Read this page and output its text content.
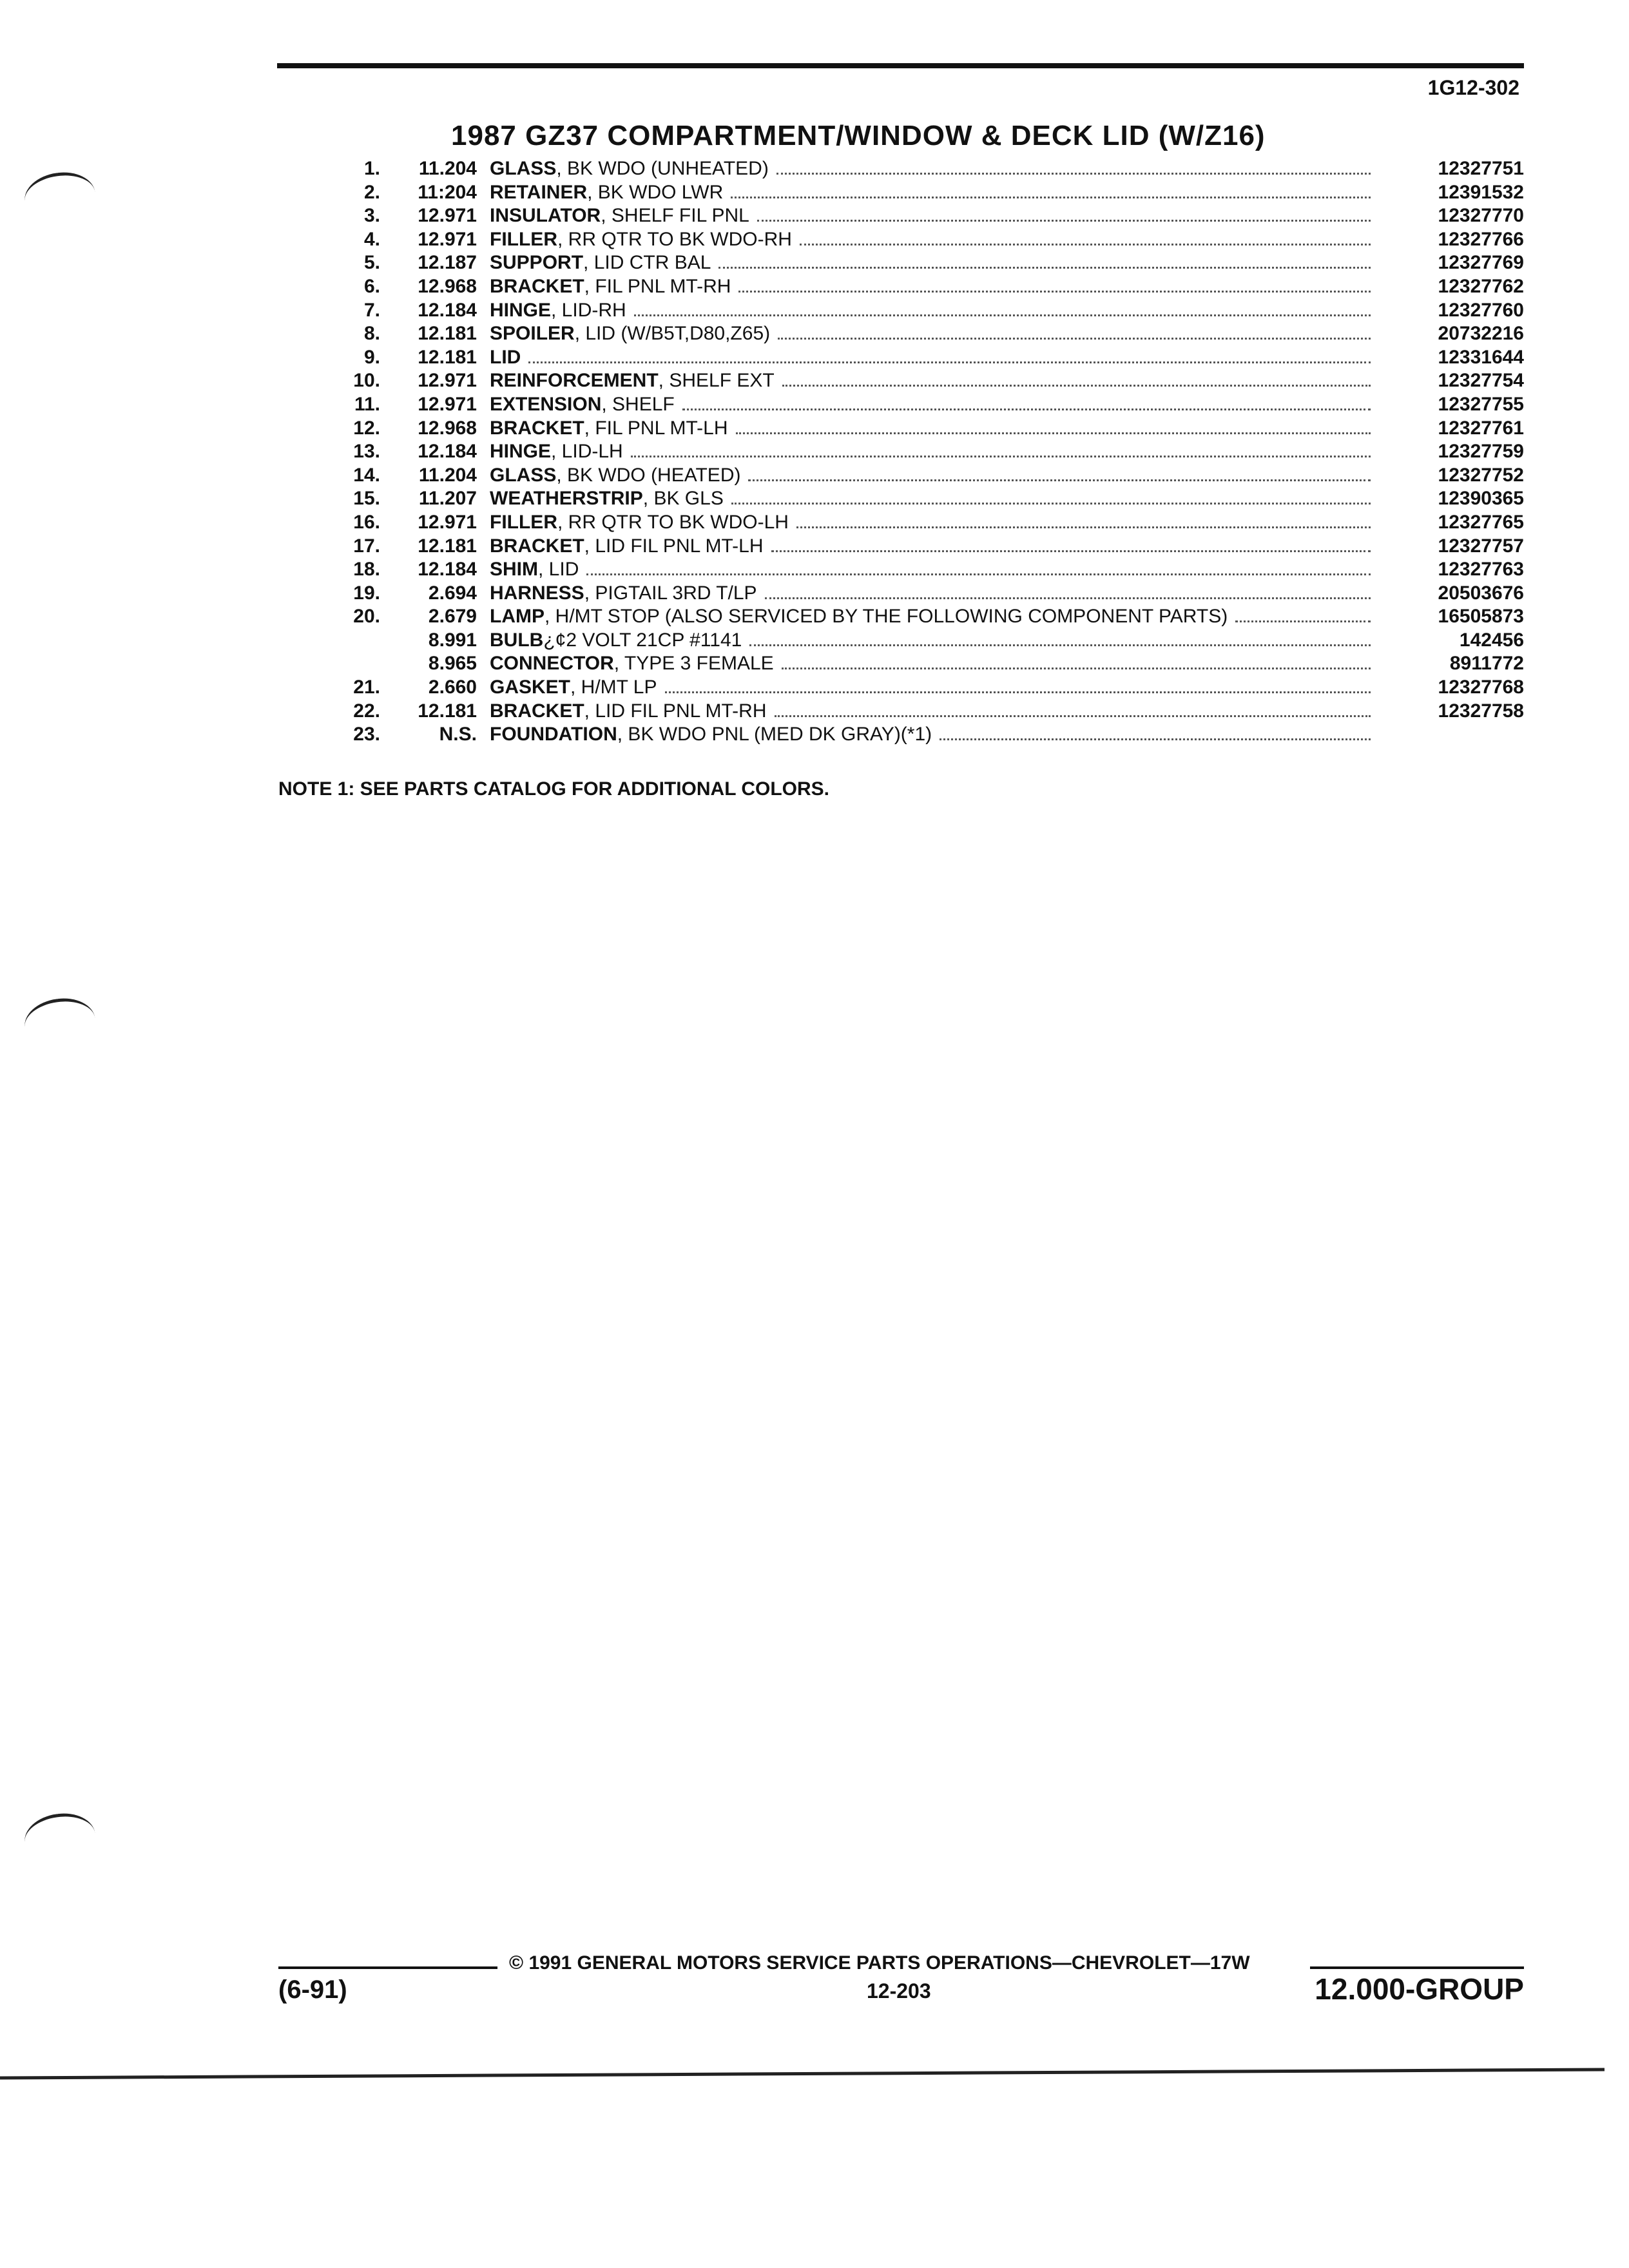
1G12-302
1987 GZ37 COMPARTMENT/WINDOW & DECK LID (W/Z16)
1.	11.204 GLASS , BK WDO (UNHEATED)	12327751
2.	11:204 RETAINER , BK WDO LWR	12391532
3.	12.971 INSULATOR , SHELF FIL PNL	12327770
4.	12.971 FILLER , RR QTR TO BK WDO-RH	12327766
5.	12.187 SUPPORT , LID CTR BAL	12327769
6.	12.968 BRACKET , FIL PNL MT-RH	12327762
7.	12.184 HINGE , LID-RH	12327760
8.	12.181 SPOILER , LID (W/B5T,D80,Z65)	20732216
9.	12.181 LID	12331644
10.	12.971 REINFORCEMENT , SHELF EXT	12327754
11.	12.971 EXTENSION , SHELF	12327755
12.	12.968 BRACKET , FIL PNL MT-LH	12327761
13.	12.184 HINGE , LID-LH	12327759
14.	11.204 GLASS , BK WDO (HEATED)	12327752
15.	11.207 WEATHERSTRIP , BK GLS	12390365
16.	12.971 FILLER , RR QTR TO BK WDO-LH	12327765
17.	12.181 BRACKET , LID FIL PNL MT-LH	12327757
18.	12.184 SHIM , LID	12327763
19.	2.694 HARNESS , PIGTAIL 3RD T/LP	20503676
20.	2.679 LAMP , H/MT STOP (ALSO SERVICED BY THE FOLLOWING COMPONENT PARTS)	16505873
8.991 BULB ¿¢2 VOLT 21CP #1141	142456
8.965 CONNECTOR , TYPE 3 FEMALE	8911772
21.	2.660 GASKET , H/MT LP	12327768
22.	12.181 BRACKET , LID FIL PNL MT-RH	12327758
23.	N.S. FOUNDATION , BK WDO PNL (MED DK GRAY)(*1)
NOTE 1: SEE PARTS CATALOG FOR ADDITIONAL COLORS.
© 1991 GENERAL MOTORS SERVICE PARTS OPERATIONS—CHEVROLET—17W
(6-91)	12-203	12.000-GROUP
